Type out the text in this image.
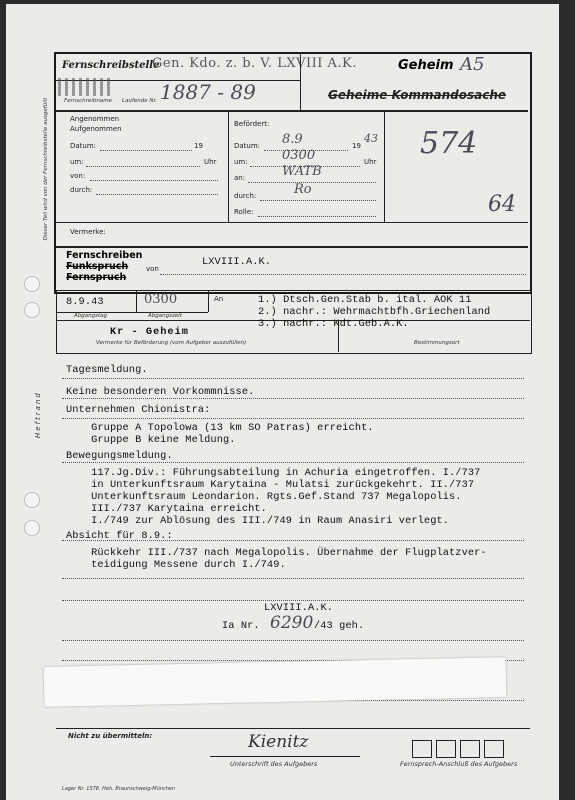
Dieser Teil wird von der Fernschreibstelle ausgefüllt
Heftrand
Fernschreibstelle
Gen. Kdo. z. b. V. LXVIII A.K.	Geheim A5
Fernschreibname Laufende Nr. 1887 - 89	Geheime Kommandosache
Angenommen
Aufgenommen
Datum:	19
um:	Uhr
von:
durch:
Befördert:
Datum: 8.9	19
43
um:	0300	Uhr
an:	WATB
durch:	Ro
Rolle:
574
64
Vermerke:
Fernschreiben
Funkspruch
Fernspruch
von
LXVIII.A.K.
8.9.43	0300
Abgangstag	Abgangszeit
An	1.) Dtsch.Gen.Stab b. ital. AOK 11
2.) nachr.: Wehrmachtbfh.Griechenland
3.) nachr.: Kdt.Geb.A.K.
Kr - Geheim
Vermerke für Beförderung (vom Aufgeber auszufüllen)	Bestimmungsort
Tagesmeldung.
Keine besonderen Vorkommnisse.
Unternehmen Chionistra:
Gruppe A Topolowa (13 km SO Patras) erreicht.
Gruppe B keine Meldung.
Bewegungsmeldung.
117.Jg.Div.: Führungsabteilung in Achuria eingetroffen. I./737
in Unterkunftsraum Karytaina - Mulatsi zurückgekehrt. II./737
Unterkunftsraum Leondarion. Rgts.Gef.Stand 737 Megalopolis.
III./737 Karytaina erreicht.
I./749 zur Ablösung des III./749 in Raum Anasiri verlegt.
Absicht für 8.9.:
Rückkehr III./737 nach Megalopolis. Übernahme der Flugplatzver-
teidigung Messene durch I./749.
LXVIII.A.K.
Ia Nr. 6290 /43 geh.
Nicht zu übermitteln:	Kienitz
Unterschrift des Aufgebers	Fernsprech-Anschluß des Aufgebers
Lager Nr. 1578. Heh. Braunschweig-München
